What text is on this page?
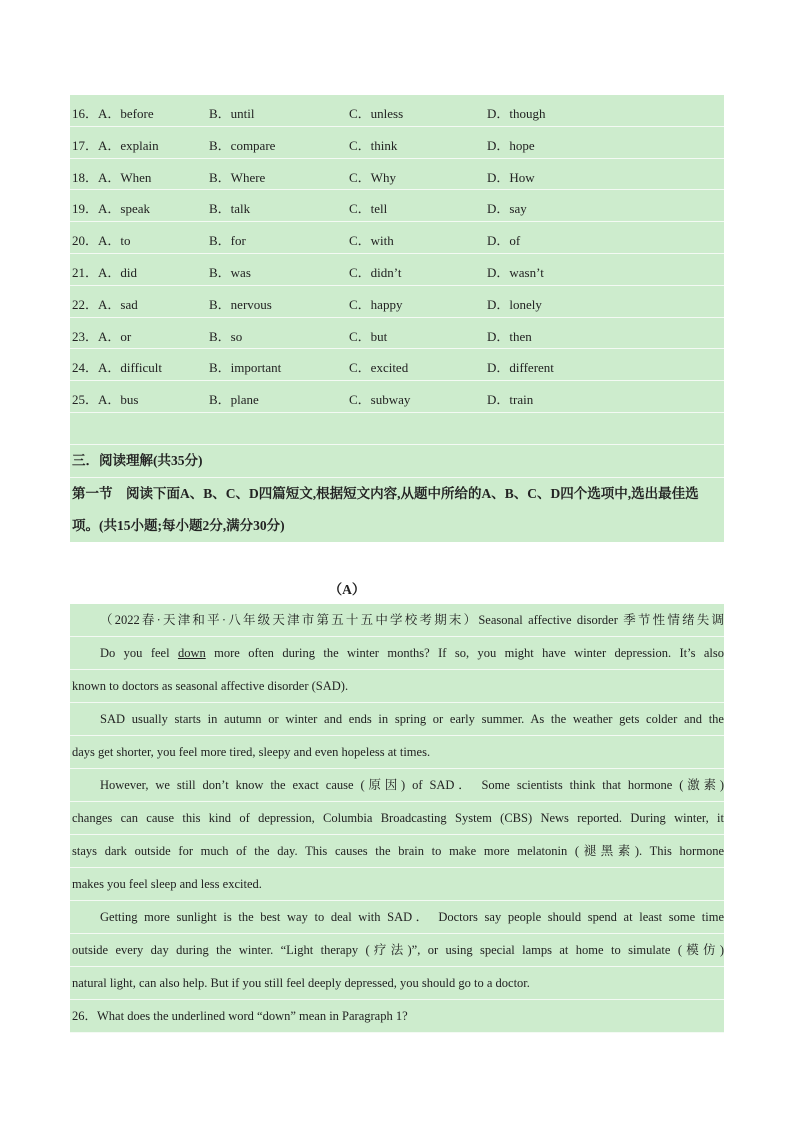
16．A．before	B．until	C．unless	D．though
17．A．explain	B．compare	C．think	D．hope
18．A．When	B．Where	C．Why	D．How
19．A．speak	B．talk	C．tell	D．say
20．A．to	B．for	C．with	D．of
21．A．did	B．was	C．didn’t	D．wasn’t
22．A．sad	B．nervous	C．happy	D．lonely
23．A．or	B．so	C．but	D．then
24．A．difficult	B．important	C．excited	D．different
25．A．bus	B．plane	C．subway	D．train
三．阅读理解(共35分)
第一节　阅读下面A、B、C、D四篇短文,根据短文内容,从题中所给的A、B、C、D四个选项中,选出最佳选项。(共15小题;每小题2分,满分30分)
（A）
（2022春·天津和平·八年级天津市第五十五中学校考期末）Seasonal affective disorder 季节性情绪失调
Do you feel down more often during the winter months? If so, you might have winter depression. It’s also
known to doctors as seasonal affective disorder (SAD).
SAD usually starts in autumn or winter and ends in spring or early summer. As the weather gets colder and the
days get shorter, you feel more tired, sleepy and even hopeless at times.
However, we still don’t know the exact cause (原因) of SAD． Some scientists think that hormone (激素)
changes can cause this kind of depression, Columbia Broadcasting System (CBS) News reported. During winter, it
stays dark outside for much of the day. This causes the brain to make more melatonin (褪黑素). This hormone
makes you feel sleep and less excited.
Getting more sunlight is the best way to deal with SAD． Doctors say people should spend at least some time
outside every day during the winter. “Light therapy (疗法)”, or using special lamps at home to simulate (模仿)
natural light, can also help. But if you still feel deeply depressed, you should go to a doctor.
26．What does the underlined word “down” mean in Paragraph 1?
